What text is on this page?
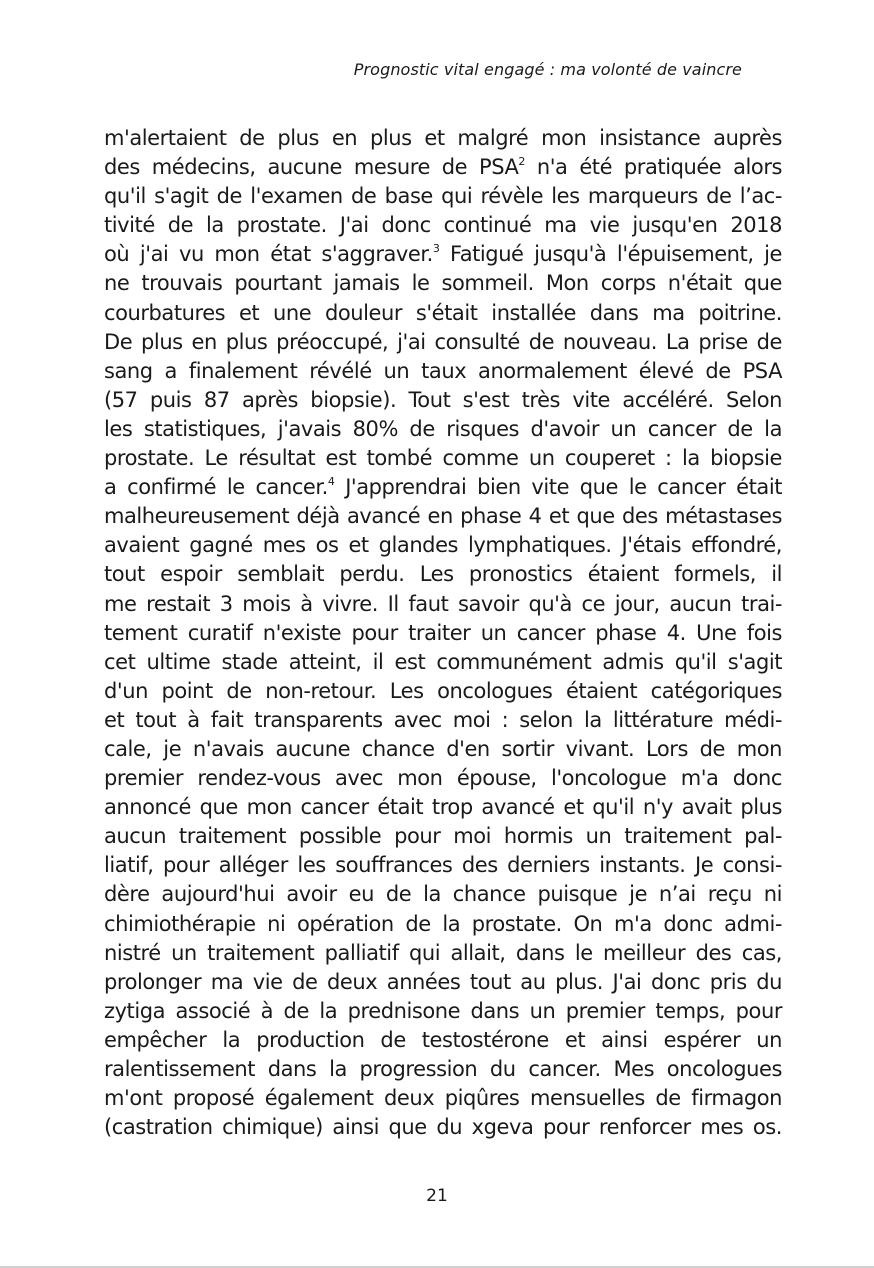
Prognostic vital engagé : ma volonté de vaincre
m'alertaient de plus en plus et malgré mon insistance auprès
des médecins, aucune mesure de PSA$^2$ n'a été pratiquée alors
qu'il s'agit de l'examen de base qui révèle les marqueurs de l’ac-
tivité de la prostate. J'ai donc continué ma vie jusqu'en 2018
où j'ai vu mon état s'aggraver.$^3$ Fatigué jusqu'à l'épuisement, je
ne trouvais pourtant jamais le sommeil. Mon corps n'était que
courbatures et une douleur s'était installée dans ma poitrine.
De plus en plus préoccupé, j'ai consulté de nouveau. La prise de
sang a finalement révélé un taux anormalement élevé de PSA
(57 puis 87 après biopsie). Tout s'est très vite accéléré. Selon
les statistiques, j'avais 80% de risques d'avoir un cancer de la
prostate. Le résultat est tombé comme un couperet : la biopsie
a confirmé le cancer.$^4$ J'apprendrai bien vite que le cancer était
malheureusement déjà avancé en phase 4 et que des métastases
avaient gagné mes os et glandes lymphatiques. J'étais effondré,
tout espoir semblait perdu. Les pronostics étaient formels, il
me restait 3 mois à vivre. Il faut savoir qu'à ce jour, aucun trai-
tement curatif n'existe pour traiter un cancer phase 4. Une fois
cet ultime stade atteint, il est communément admis qu'il s'agit
d'un point de non-retour. Les oncologues étaient catégoriques
et tout à fait transparents avec moi : selon la littérature médi-
cale, je n'avais aucune chance d'en sortir vivant. Lors de mon
premier rendez-vous avec mon épouse, l'oncologue m'a donc
annoncé que mon cancer était trop avancé et qu'il n'y avait plus
aucun traitement possible pour moi hormis un traitement pal-
liatif, pour alléger les souffrances des derniers instants. Je consi-
dère aujourd'hui avoir eu de la chance puisque je n’ai reçu ni
chimiothérapie ni opération de la prostate. On m'a donc admi-
nistré un traitement palliatif qui allait, dans le meilleur des cas,
prolonger ma vie de deux années tout au plus. J'ai donc pris du
zytiga associé à de la prednisone dans un premier temps, pour
empêcher la production de testostérone et ainsi espérer un
ralentissement dans la progression du cancer. Mes oncologues
m'ont proposé également deux piqûres mensuelles de firmagon
(castration chimique) ainsi que du xgeva pour renforcer mes os.
21
